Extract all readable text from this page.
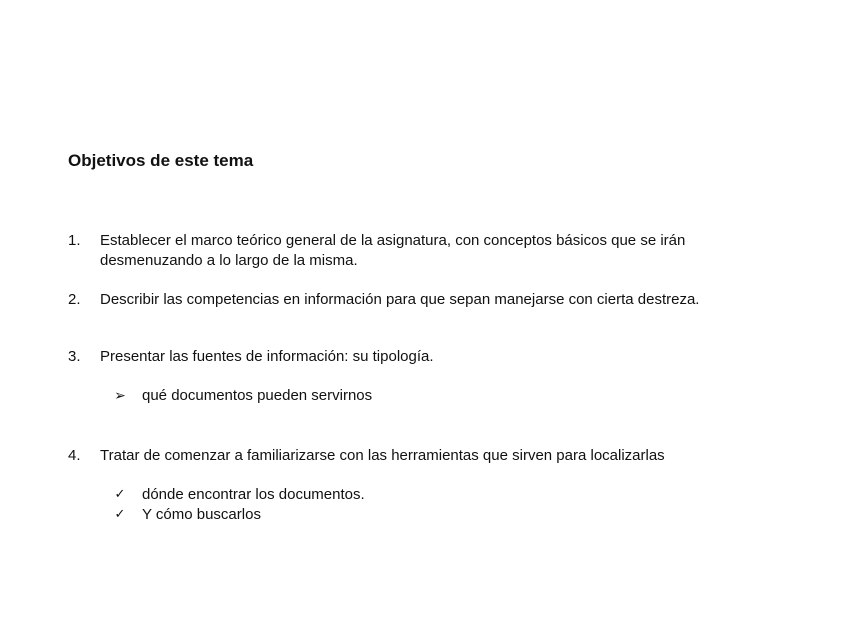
Objetivos de este tema
1.	Establecer el marco teórico general de la asignatura, con conceptos básicos que se irán desmenuzando a lo largo de la misma.
2.	Describir las competencias en información para que sepan manejarse con cierta destreza.
3.	Presentar las fuentes de información: su tipología.
➢ qué documentos pueden servirnos
4.	Tratar de comenzar a familiarizarse con las herramientas que sirven para localizarlas
✓	dónde encontrar los documentos.
✓	Y cómo buscarlos
